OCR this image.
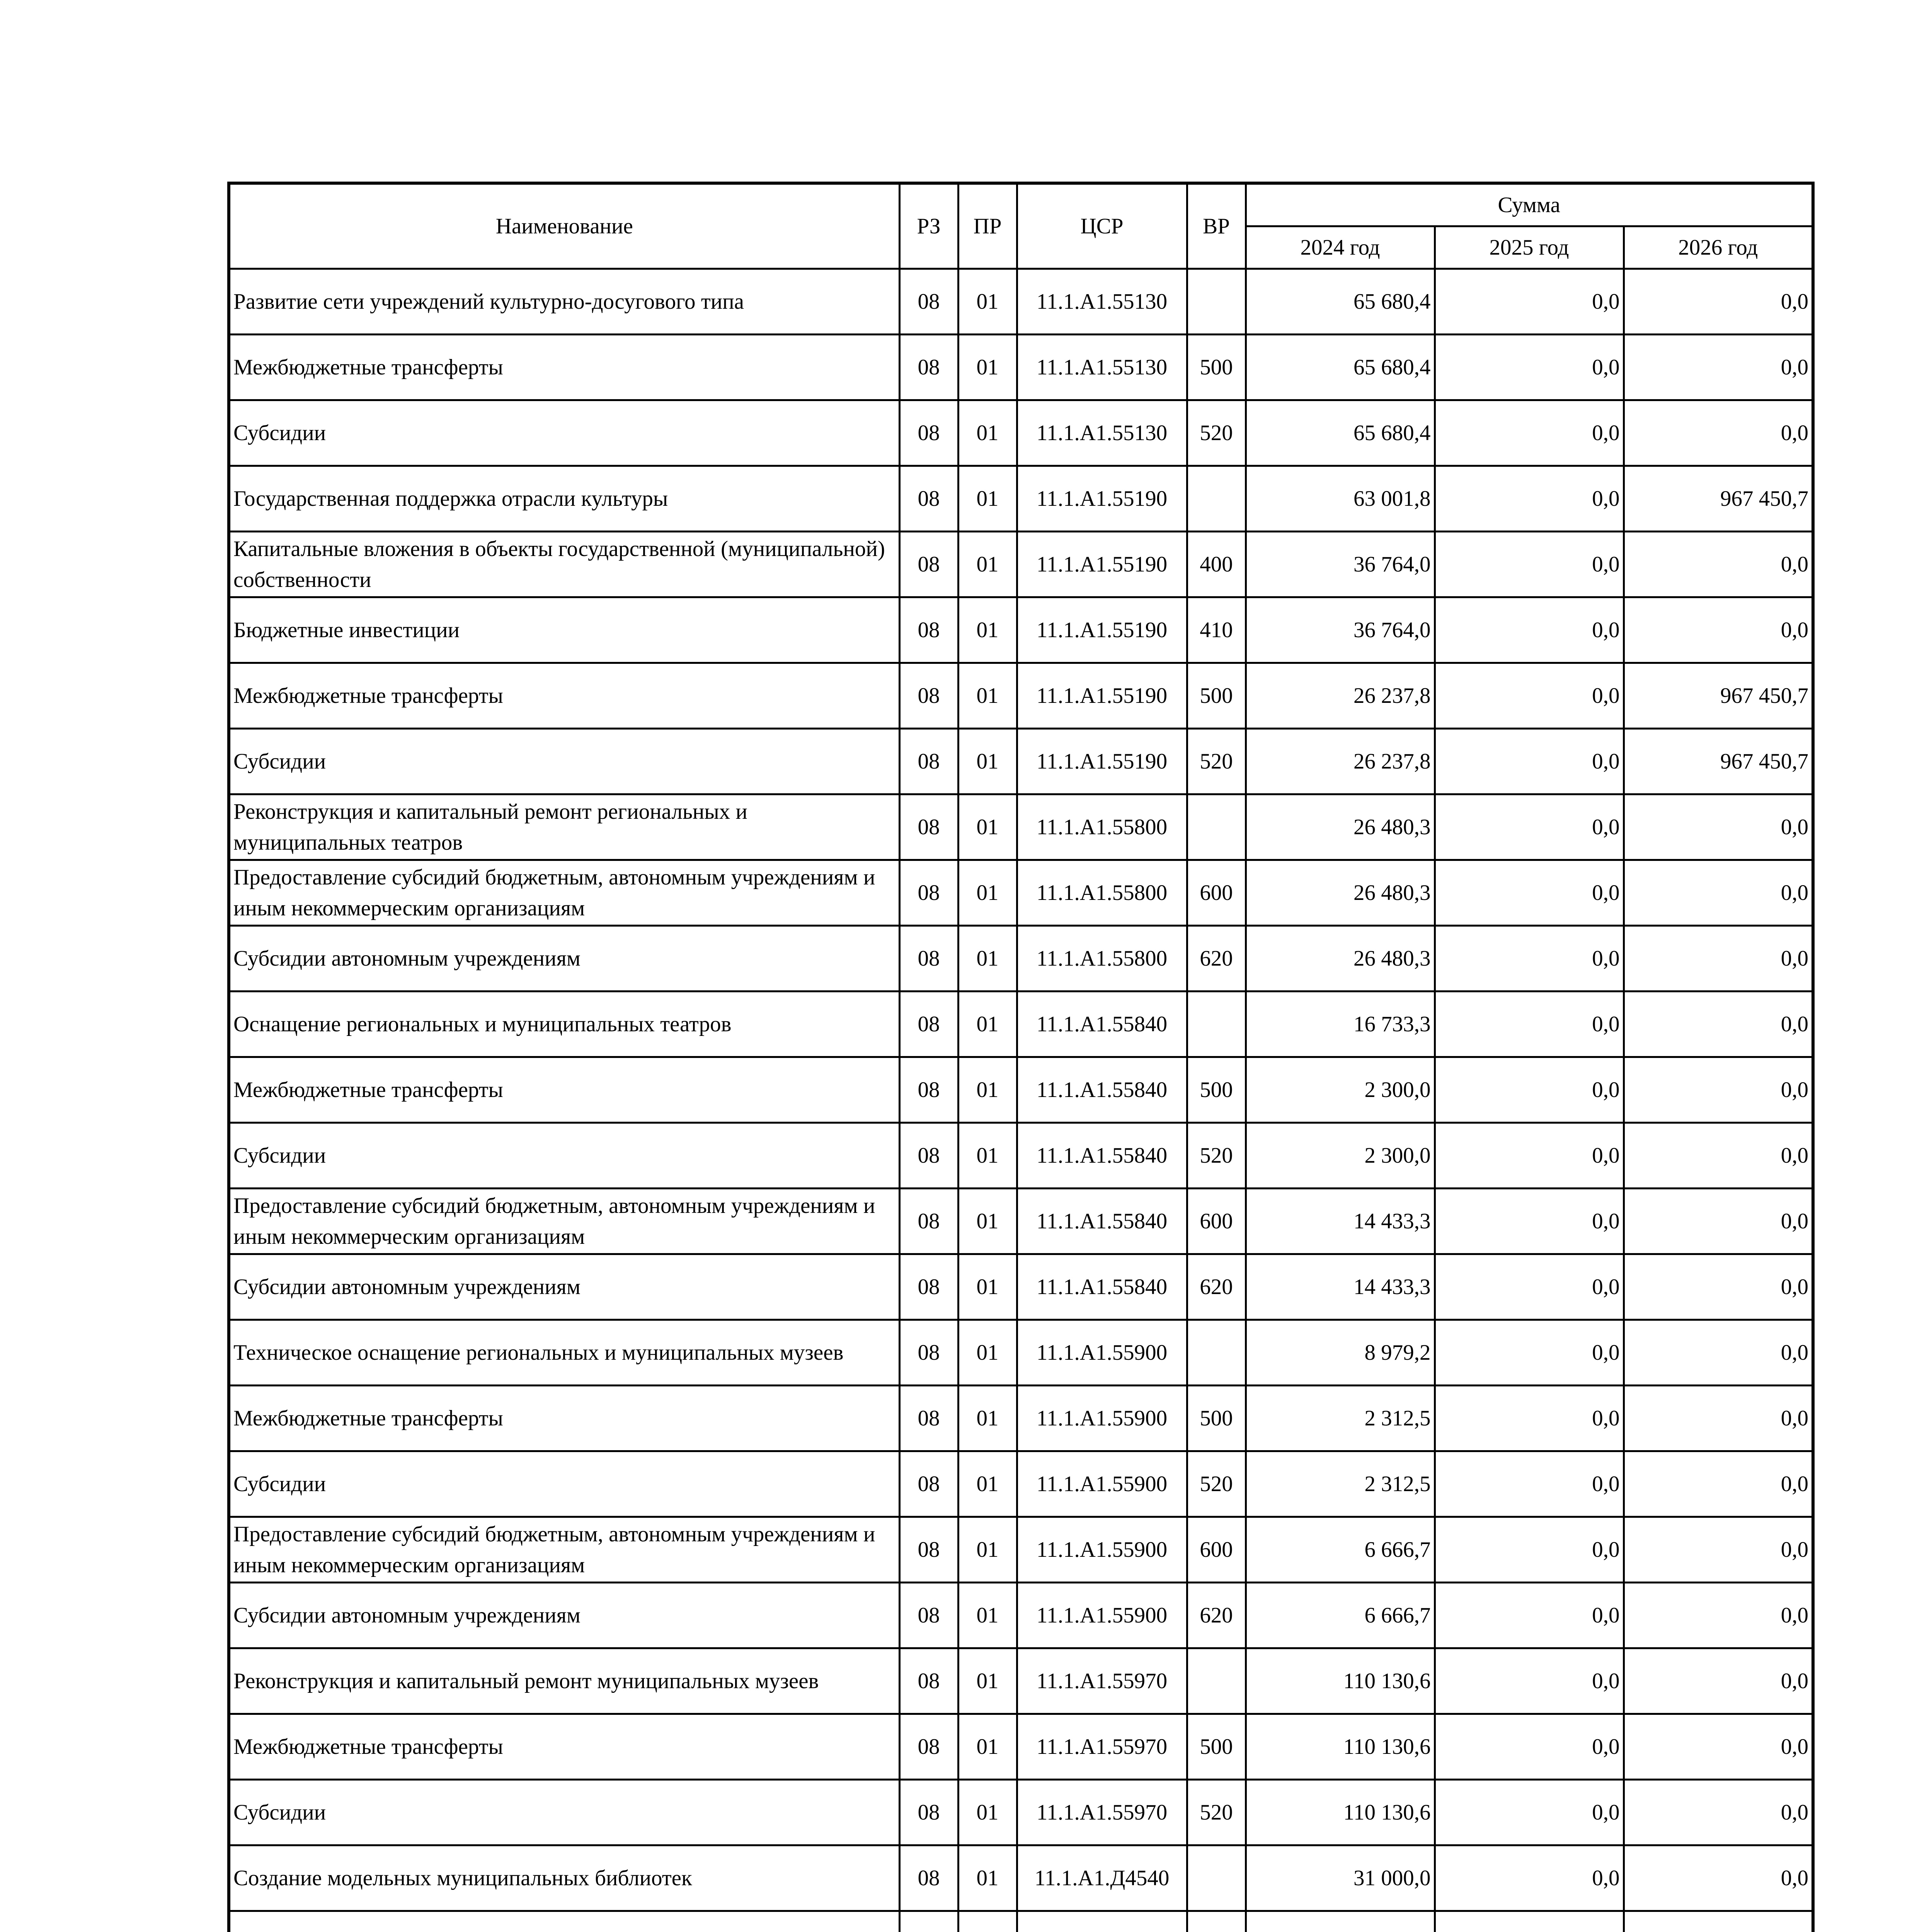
Наименование	РЗ	ПР	ЦСР	ВР	Сумма		
					2024 год	2025 год	2026 год
Развитие сети учреждений культурно-досугового типа	08	01	11.1.А1.55130		65 680,4	0,0	0,0
Межбюджетные трансферты	08	01	11.1.А1.55130	500	65 680,4	0,0	0,0
Субсидии	08	01	11.1.А1.55130	520	65 680,4	0,0	0,0
Государственная поддержка отрасли культуры	08	01	11.1.А1.55190		63 001,8	0,0	967 450,7
Капитальные вложения в объекты государственной (муниципальной) собственности	08	01	11.1.А1.55190	400	36 764,0	0,0	0,0
Бюджетные инвестиции	08	01	11.1.А1.55190	410	36 764,0	0,0	0,0
Межбюджетные трансферты	08	01	11.1.А1.55190	500	26 237,8	0,0	967 450,7
Субсидии	08	01	11.1.А1.55190	520	26 237,8	0,0	967 450,7
Реконструкция и капитальный ремонт региональных и муниципальных театров	08	01	11.1.А1.55800		26 480,3	0,0	0,0
Предоставление субсидий бюджетным, автономным учреждениям и иным некоммерческим организациям	08	01	11.1.А1.55800	600	26 480,3	0,0	0,0
Субсидии автономным учреждениям	08	01	11.1.А1.55800	620	26 480,3	0,0	0,0
Оснащение региональных и муниципальных театров	08	01	11.1.А1.55840		16 733,3	0,0	0,0
Межбюджетные трансферты	08	01	11.1.А1.55840	500	2 300,0	0,0	0,0
Субсидии	08	01	11.1.А1.55840	520	2 300,0	0,0	0,0
Предоставление субсидий бюджетным, автономным учреждениям и иным некоммерческим организациям	08	01	11.1.А1.55840	600	14 433,3	0,0	0,0
Субсидии автономным учреждениям	08	01	11.1.А1.55840	620	14 433,3	0,0	0,0
Техническое оснащение региональных и муниципальных музеев	08	01	11.1.А1.55900		8 979,2	0,0	0,0
Межбюджетные трансферты	08	01	11.1.А1.55900	500	2 312,5	0,0	0,0
Субсидии	08	01	11.1.А1.55900	520	2 312,5	0,0	0,0
Предоставление субсидий бюджетным, автономным учреждениям и иным некоммерческим организациям	08	01	11.1.А1.55900	600	6 666,7	0,0	0,0
Субсидии автономным учреждениям	08	01	11.1.А1.55900	620	6 666,7	0,0	0,0
Реконструкция и капитальный ремонт муниципальных музеев	08	01	11.1.А1.55970		110 130,6	0,0	0,0
Межбюджетные трансферты	08	01	11.1.А1.55970	500	110 130,6	0,0	0,0
Субсидии	08	01	11.1.А1.55970	520	110 130,6	0,0	0,0
Создание модельных муниципальных библиотек	08	01	11.1.А1.Д4540		31 000,0	0,0	0,0
